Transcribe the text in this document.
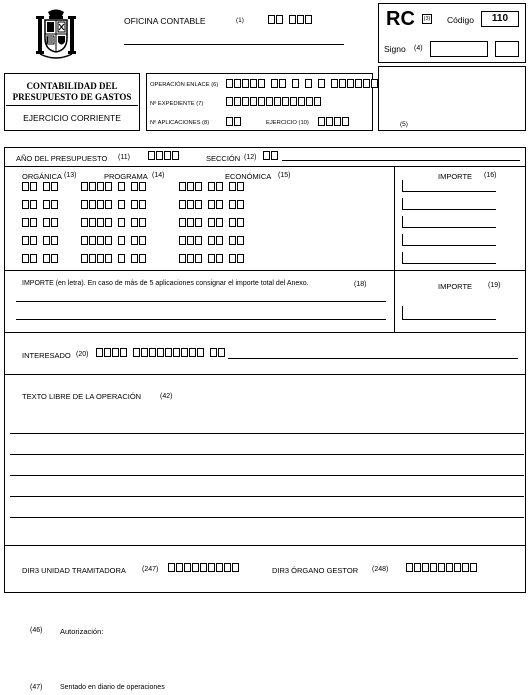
OFICINA CONTABLE	(1)	RC (3) Código	110
Signo (4)
CONTABILIDAD DEL
PRESUPUESTO DE GASTOS
EJERCICIO CORRIENTE
OPERACIÓN ENLACE (6)
Nº EXPEDIENTE (7)
Nº APLICACIONES (8)	EJERCICIO (10)	(5)
AÑO DEL PRESUPUESTO (11)	SECCIÓN (12)
ORGÁNICA (13)	PROGRAMA (14)	ECONÓMICA (15)	IMPORTE (16)
IMPORTE (en letra). En caso de más de 5 aplicaciones consignar el importe total del Anexo.	(18)	IMPORTE (19)
INTERESADO (20)
TEXTO LIBRE DE LA OPERACIÓN	(42)
DIR3 UNIDAD TRAMITADORA (247)	DIR3 ÓRGANO GESTOR (248)
(46) Autorización:
(47)	Sentado en diario de operaciones
